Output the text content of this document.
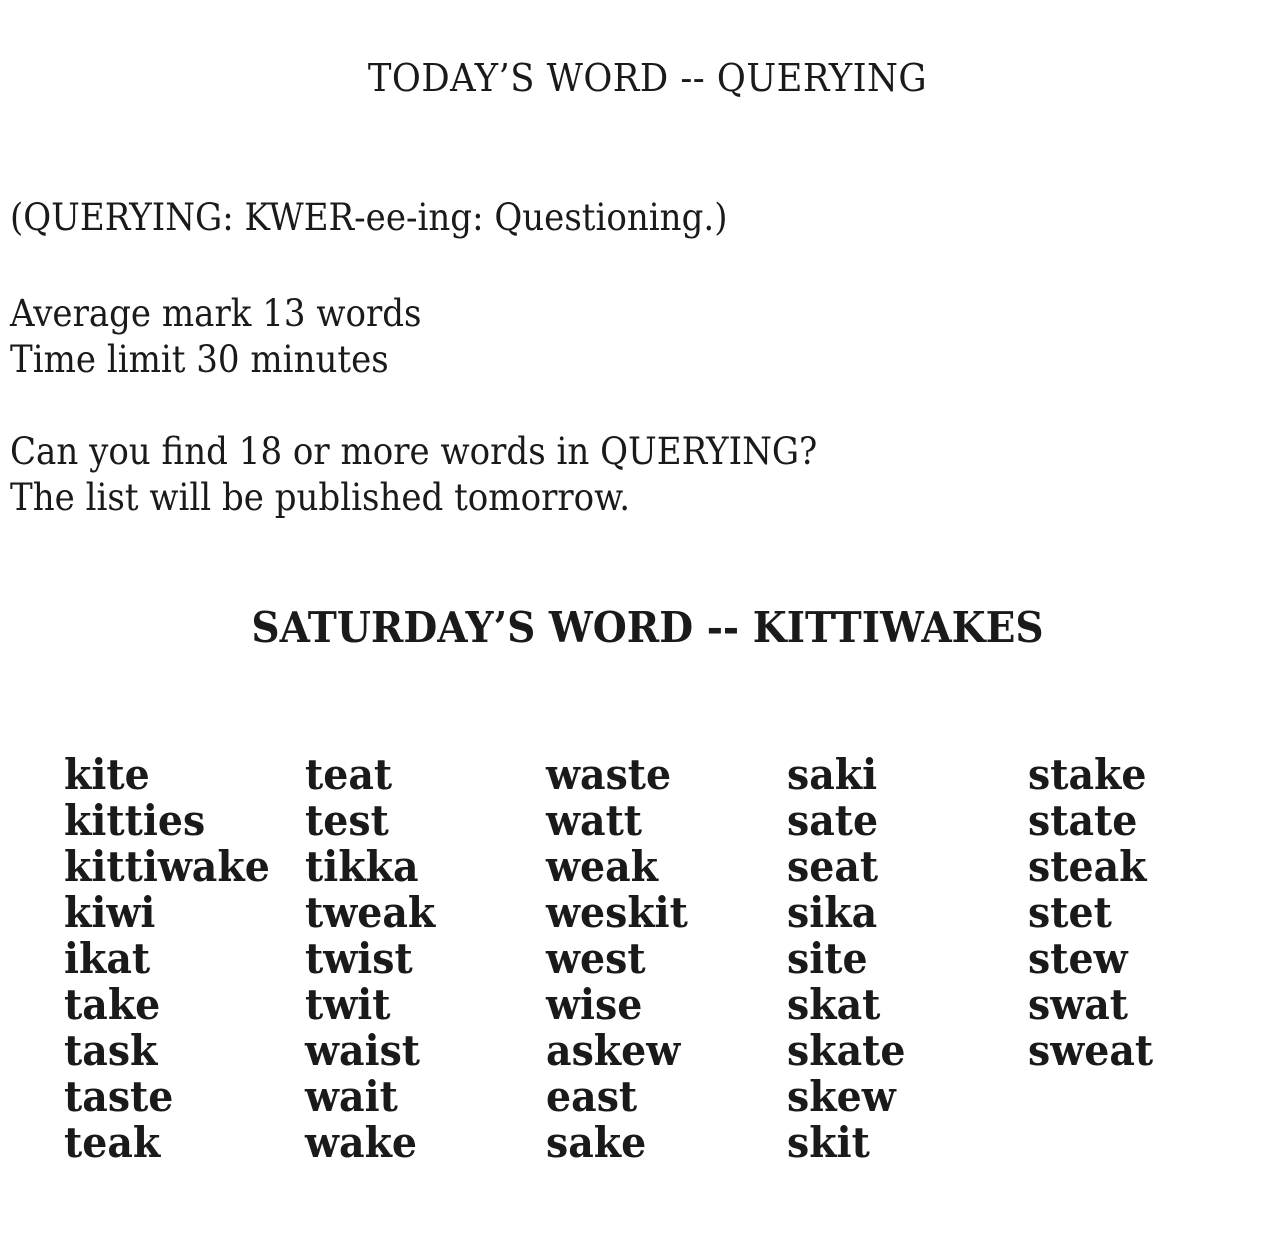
TODAY’S WORD -- QUERYING
(QUERYING: KWER-ee-ing: Questioning.)
Average mark 13 words
Time limit 30 minutes
Can you find 18 or more words in QUERYING?
The list will be published tomorrow.
SATURDAY’S WORD -- KITTIWAKES
kite
kitties
kittiwake
kiwi
ikat
take
task
taste
teak
teat
test
tikka
tweak
twist
twit
waist
wait
wake
waste
watt
weak
weskit
west
wise
askew
east
sake
saki
sate
seat
sika
site
skat
skate
skew
skit
stake
state
steak
stet
stew
swat
sweat
